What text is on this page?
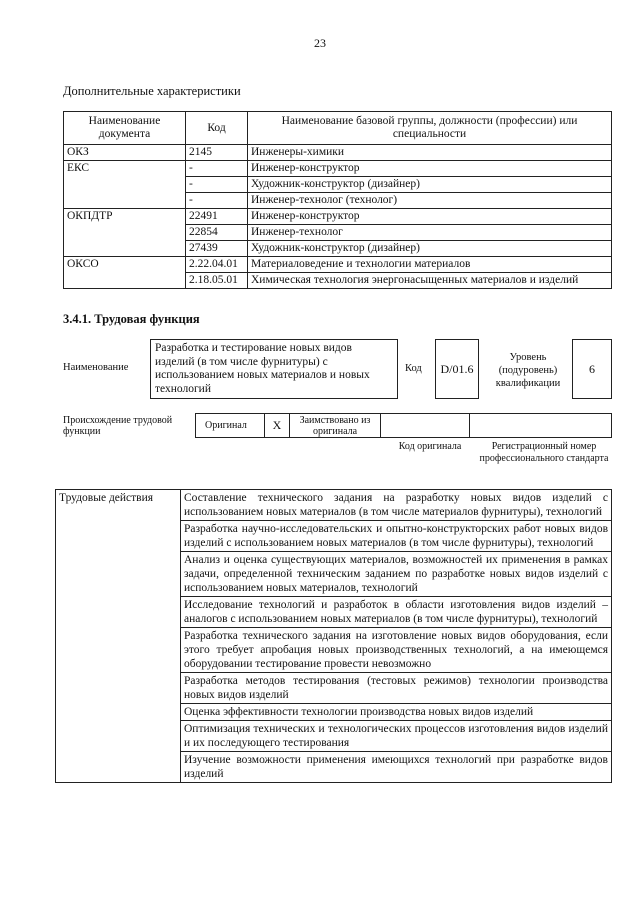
23
Дополнительные характеристики
Наименование документа	Код	Наименование базовой группы, должности (профессии) или специальности
ОКЗ	2145	Инженеры-химики
ЕКС	-	Инженер-конструктор
	-	Художник-конструктор (дизайнер)
	-	Инженер-технолог (технолог)
ОКПДТР	22491	Инженер-конструктор
	22854	Инженер-технолог
	27439	Художник-конструктор (дизайнер)
ОКСО	2.22.04.01	Материаловедение и технологии материалов
	2.18.05.01	Химическая технология энергонасыщенных материалов и изделий
3.4.1. Трудовая функция
Наименование
Разработка и тестирование новых видов изделий (в том числе фурнитуры) с использованием новых материалов и новых технологий
Код	D/01.6
Уровень (подуровень) квалификации
6
Происхождение трудовой функции
Оригинал	X	Заимствовано из оригинала
Код оригинала	Регистрационный номер профессионального стандарта
Трудовые действия	Составление технического задания на разработку новых видов изделий с использованием новых материалов (в том числе материалов фурнитуры), технологий
	Разработка научно-исследовательских и опытно-конструкторских работ новых видов изделий с использованием новых материалов (в том числе фурнитуры), технологий
	Анализ и оценка существующих материалов, возможностей их применения в рамках задачи, определенной техническим заданием по разработке новых видов изделий с использованием новых материалов, технологий
	Исследование технологий и разработок в области изготовления видов изделий – аналогов с использованием новых материалов (в том числе фурнитуры), технологий
	Разработка технического задания на изготовление новых видов оборудования, если этого требует апробация новых производственных технологий, а на имеющемся оборудовании тестирование провести невозможно
	Разработка методов тестирования (тестовых режимов) технологии производства новых видов изделий
	Оценка эффективности технологии производства новых видов изделий
	Оптимизация технических и технологических процессов изготовления видов изделий и их последующего тестирования
	Изучение возможности применения имеющихся технологий при разработке видов изделий
